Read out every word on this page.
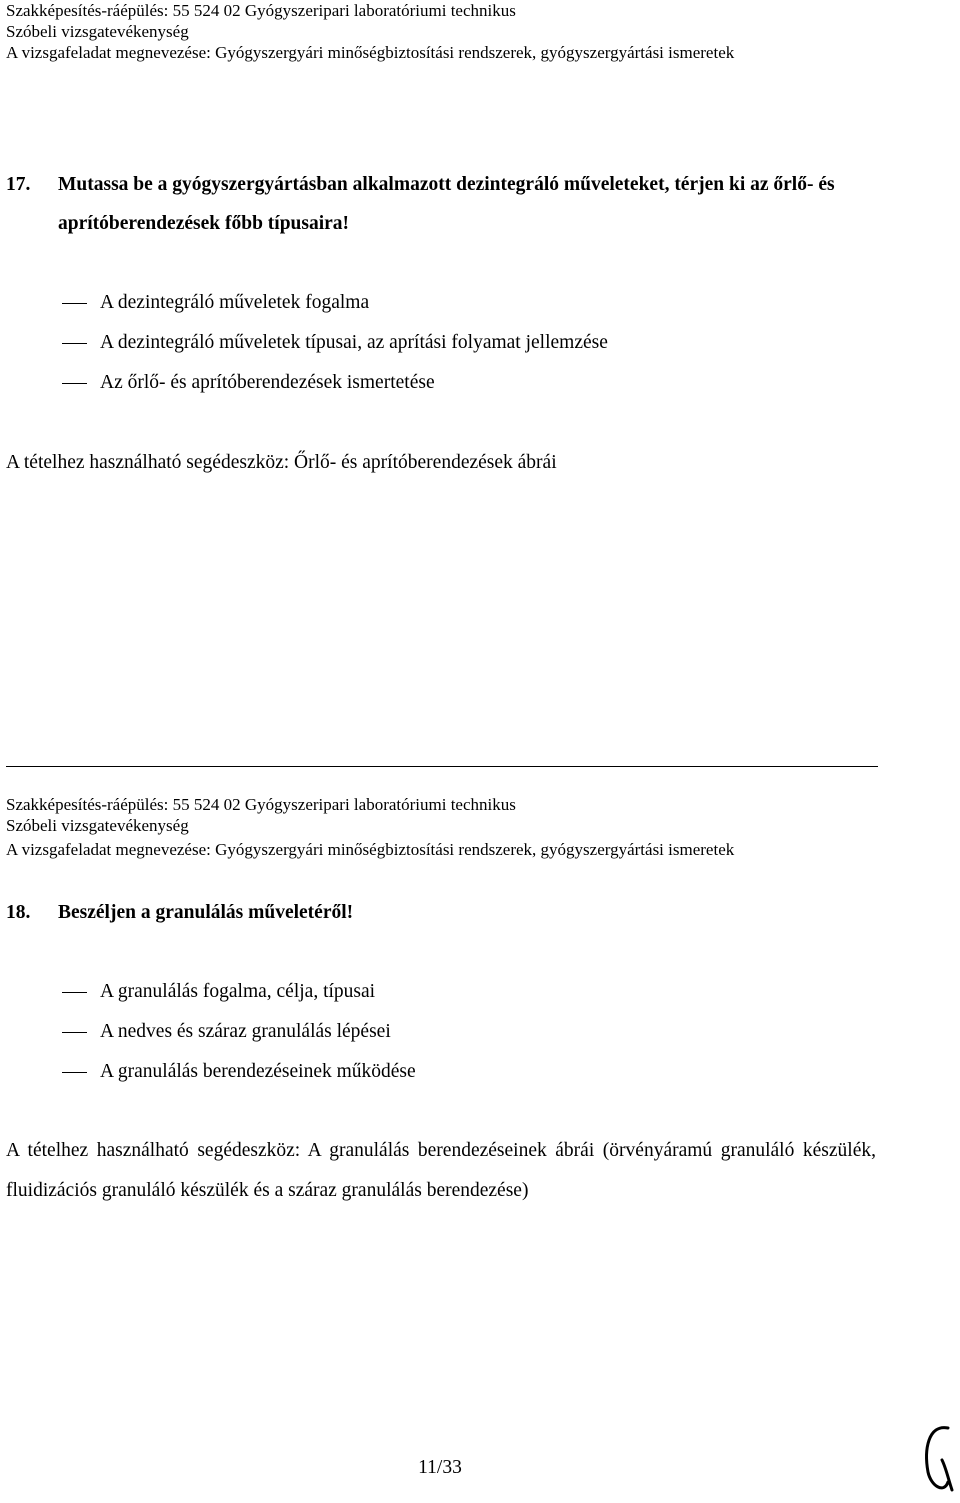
Szakképesítés-ráépülés: 55 524 02 Gyógyszeripari laboratóriumi technikus
Szóbeli vizsgatevékenység
A vizsgafeladat megnevezése: Gyógyszergyári minőségbiztosítási rendszerek, gyógyszergyártási ismeretek
17. Mutassa be a gyógyszergyártásban alkalmazott dezintegráló műveleteket, térjen ki az őrlő- és aprítóberendezések főbb típusaira!
A dezintegráló műveletek fogalma
A dezintegráló műveletek típusai, az aprítási folyamat jellemzése
Az őrlő- és aprítóberendezések ismertetése
A tételhez használható segédeszköz: Őrlő- és aprítóberendezések ábrái
Szakképesítés-ráépülés: 55 524 02 Gyógyszeripari laboratóriumi technikus
Szóbeli vizsgatevékenység
A vizsgafeladat megnevezése: Gyógyszergyári minőségbiztosítási rendszerek, gyógyszergyártási ismeretek
18. Beszéljen a granulálás műveletéről!
A granulálás fogalma, célja, típusai
A nedves és száraz granulálás lépései
A granulálás berendezéseinek működése
A tételhez használható segédeszköz: A granulálás berendezéseinek ábrái (örvényáramú granuláló készülék, fluidizációs granuláló készülék és a száraz granulálás berendezése)
11/33
